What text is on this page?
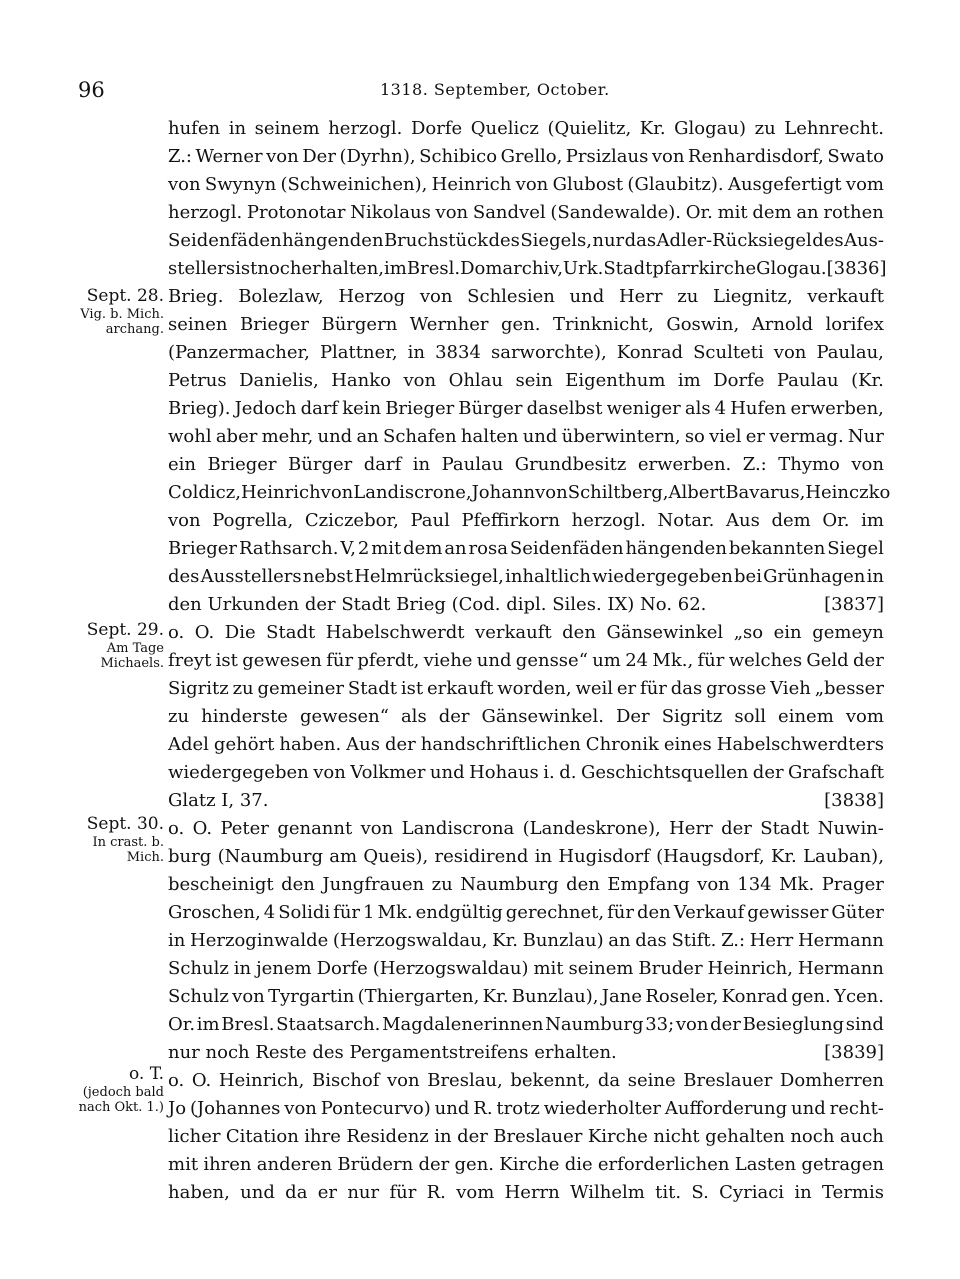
96	1318. September, October.
Sept. 28.
Vig. b. Mich.
archang.
Sept. 29.
Am Tage
Michaels.
Sept. 30.
In crast. b.
Mich.
o. T.
(jedoch bald
nach Okt. 1.)
hufen in seinem herzogl. Dorfe Quelicz (Quielitz, Kr. Glogau) zu Lehnrecht.
Z.: Werner von Der (Dyrhn), Schibico Grello, Prsizlaus von Renhardisdorf, Swato
von Swynyn (Schweinichen), Heinrich von Glubost (Glaubitz). Ausgefertigt vom
herzogl. Protonotar Nikolaus von Sandvel (Sandewalde). Or. mit dem an rothen
Seidenfäden hängenden Bruchstück des Siegels, nur das Adler-Rücksiegel des Aus-
stellers ist noch erhalten, im Bresl. Domarchiv, Urk. Stadtpfarrkirche Glogau. [3836]
Brieg. Bolezlaw, Herzog von Schlesien und Herr zu Liegnitz, verkauft
seinen Brieger Bürgern Wernher gen. Trinknicht, Goswin, Arnold lorifex
(Panzermacher, Plattner, in 3834 sarworchte), Konrad Sculteti von Paulau,
Petrus Danielis, Hanko von Ohlau sein Eigenthum im Dorfe Paulau (Kr.
Brieg). Jedoch darf kein Brieger Bürger daselbst weniger als 4 Hufen erwerben,
wohl aber mehr, und an Schafen halten und überwintern, so viel er vermag. Nur
ein Brieger Bürger darf in Paulau Grundbesitz erwerben. Z.: Thymo von
Coldicz, Heinrich von Landiscrone, Johann von Schiltberg, Albert Bavarus, Heinczko
von Pogrella, Cziczebor, Paul Pfeffirkorn herzogl. Notar. Aus dem Or. im
Brieger Rathsarch. V, 2 mit dem an rosa Seidenfäden hängenden bekannten Siegel
des Ausstellers nebst Helmrücksiegel, inhaltlich wiedergegeben bei Grünhagen in
den Urkunden der Stadt Brieg (Cod. dipl. Siles. IX) No. 62.	[3837]
o. O. Die Stadt Habelschwerdt verkauft den Gänsewinkel „so ein gemeyn
freyt ist gewesen für pferdt, viehe und gensse“ um 24 Mk., für welches Geld der
Sigritz zu gemeiner Stadt ist erkauft worden, weil er für das grosse Vieh „besser
zu hinderste gewesen“ als der Gänsewinkel. Der Sigritz soll einem vom
Adel gehört haben. Aus der handschriftlichen Chronik eines Habelschwerdters
wiedergegeben von Volkmer und Hohaus i. d. Geschichtsquellen der Grafschaft
Glatz I, 37.	[3838]
o. O. Peter genannt von Landiscrona (Landeskrone), Herr der Stadt Nuwin-
burg (Naumburg am Queis), residirend in Hugisdorf (Haugsdorf, Kr. Lauban),
bescheinigt den Jungfrauen zu Naumburg den Empfang von 134 Mk. Prager
Groschen, 4 Solidi für 1 Mk. endgültig gerechnet, für den Verkauf gewisser Güter
in Herzoginwalde (Herzogswaldau, Kr. Bunzlau) an das Stift. Z.: Herr Hermann
Schulz in jenem Dorfe (Herzogswaldau) mit seinem Bruder Heinrich, Hermann
Schulz von Tyrgartin (Thiergarten, Kr. Bunzlau), Jane Roseler, Konrad gen. Ycen.
Or. im Bresl. Staatsarch. Magdalenerinnen Naumburg 33; von der Besieglung sind
nur noch Reste des Pergamentstreifens erhalten.	[3839]
o. O. Heinrich, Bischof von Breslau, bekennt, da seine Breslauer Domherren
Jo (Johannes von Pontecurvo) und R. trotz wiederholter Aufforderung und recht-
licher Citation ihre Residenz in der Breslauer Kirche nicht gehalten noch auch
mit ihren anderen Brüdern der gen. Kirche die erforderlichen Lasten getragen
haben, und da er nur für R. vom Herrn Wilhelm tit. S. Cyriaci in Termis
